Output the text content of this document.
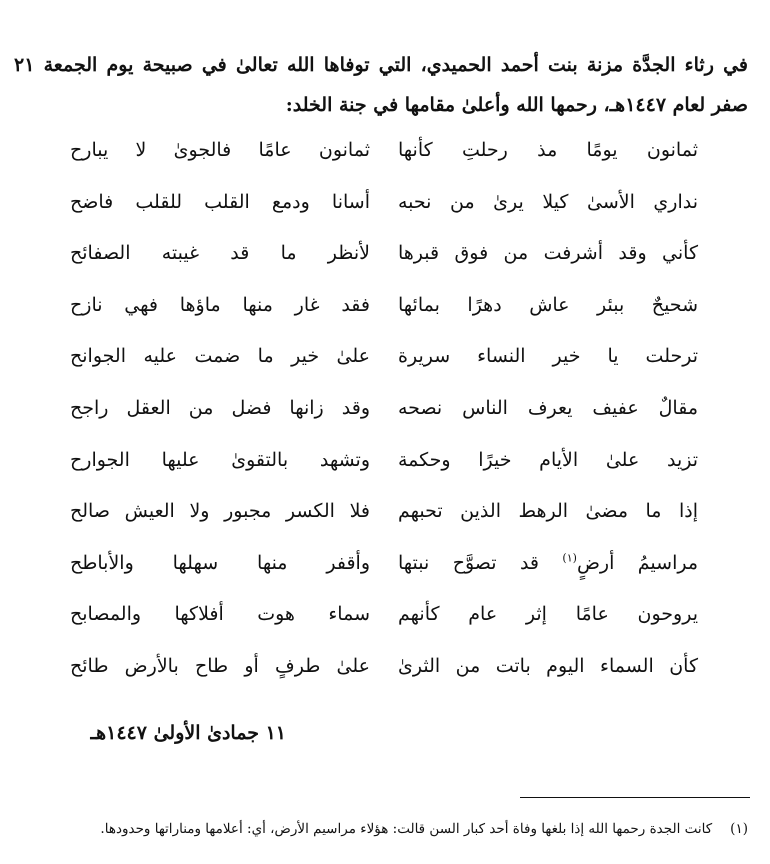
في رثاء الجدَّة مزنة بنت أحمد الحميدي، التي توفاها الله تعالىٰ في صبيحة يوم الجمعة ٢١ صفر لعام ١٤٤٧هـ، رحمها الله وأعلىٰ مقامها في جنة الخلد:

ثمانون يومًا مذ رحلتِ كأنها
ثمانون عامًا فالجوىٰ لا يبارح
نداري الأسىٰ كيلا يرىٰ من نحبه
أسانا ودمع القلب للقلب فاضح
كأني وقد أشرفت من فوق قبرها
لأنظر ما قد غيبته الصفائح
شحيحٌ ببئر عاش دهرًا بمائها
فقد غار منها ماؤها فهي نازح
ترحلت يا خير النساء سريرة
علىٰ خير ما ضمت عليه الجوانح
مقالٌ عفيف يعرف الناس نصحه
وقد زانها فضل من العقل راجح
تزيد علىٰ الأيام خيرًا وحكمة
وتشهد بالتقوىٰ عليها الجوارح
إذا ما مضىٰ الرهط الذين تحبهم
فلا الكسر مجبور ولا العيش صالح
مراسيمُ أرضٍ$^{(١)}$ قد تصوَّح نبتها
وأقفر منها سهلها والأباطح
يروحون عامًا إثر عام كأنهم
سماء هوت أفلاكها والمصابح
كأن السماء اليوم باتت من الثرىٰ
علىٰ طرفٍ أو طاح بالأرض طائح
١١ جمادىٰ الأولىٰ ١٤٤٧هـ
(١)كانت الجدة رحمها الله إذا بلغها وفاة أحد كبار السن قالت: هؤلاء مراسيم الأرض، أي: أعلامها ومناراتها وحدودها.
